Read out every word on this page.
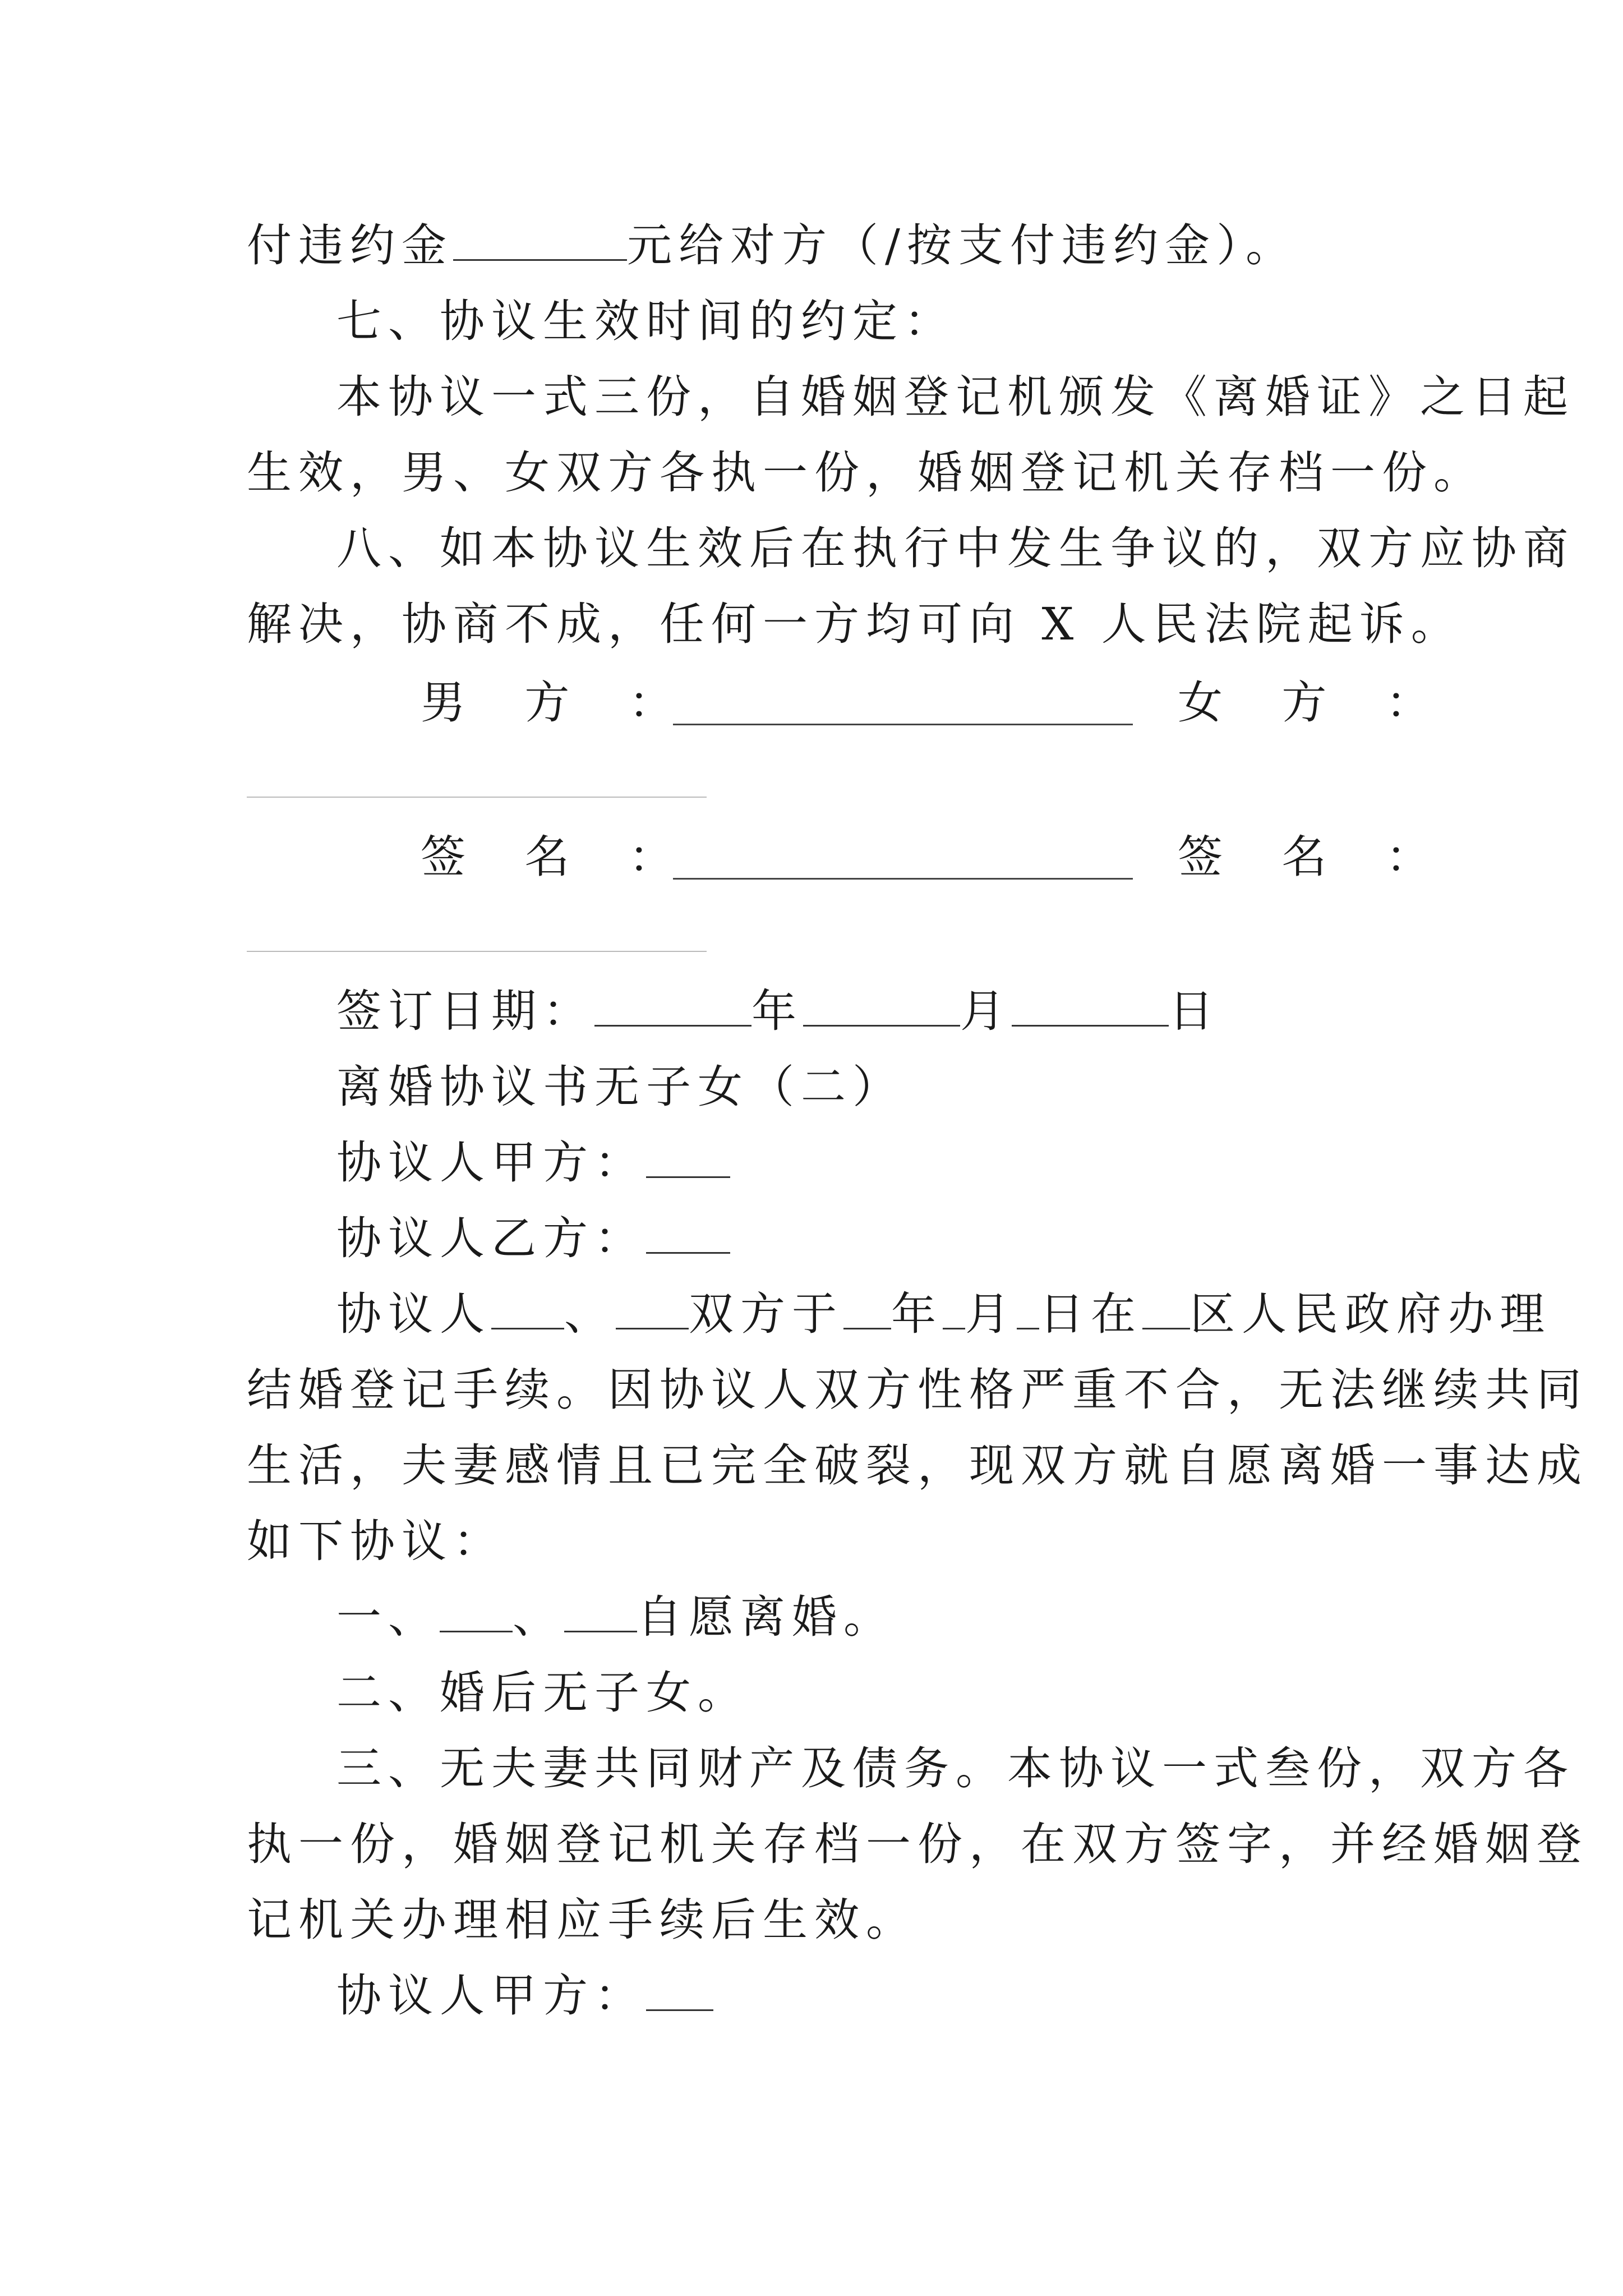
付违约金	元给对方（/按支付违约金）。
七、协议生效时间的约定：
本协议一式三份，自婚姻登记机颁发《离婚证》之日起
生效，男、女双方各执一份，婚姻登记机关存档一份。
八、如本协议生效后在执行中发生争议的，双方应协商
解决，协商不成，任何一方均可向 X 人民法院起诉。
男 方 ：	女 方 ：
签 名 ：	签 名 ：
签订日期：	年	月	日
离婚协议书无子女（二）
协议人甲方：
协议人乙方：
协议人 、 双方于 年 月 日在 区人民政府办理
结婚登记手续。因协议人双方性格严重不合，无法继续共同
生活，夫妻感情且已完全破裂，现双方就自愿离婚一事达成
如下协议：
一、 、 自愿离婚。
二、婚后无子女。
三、无夫妻共同财产及债务。本协议一式叁份，双方各
执一份，婚姻登记机关存档一份，在双方签字，并经婚姻登
记机关办理相应手续后生效。
协议人甲方：
